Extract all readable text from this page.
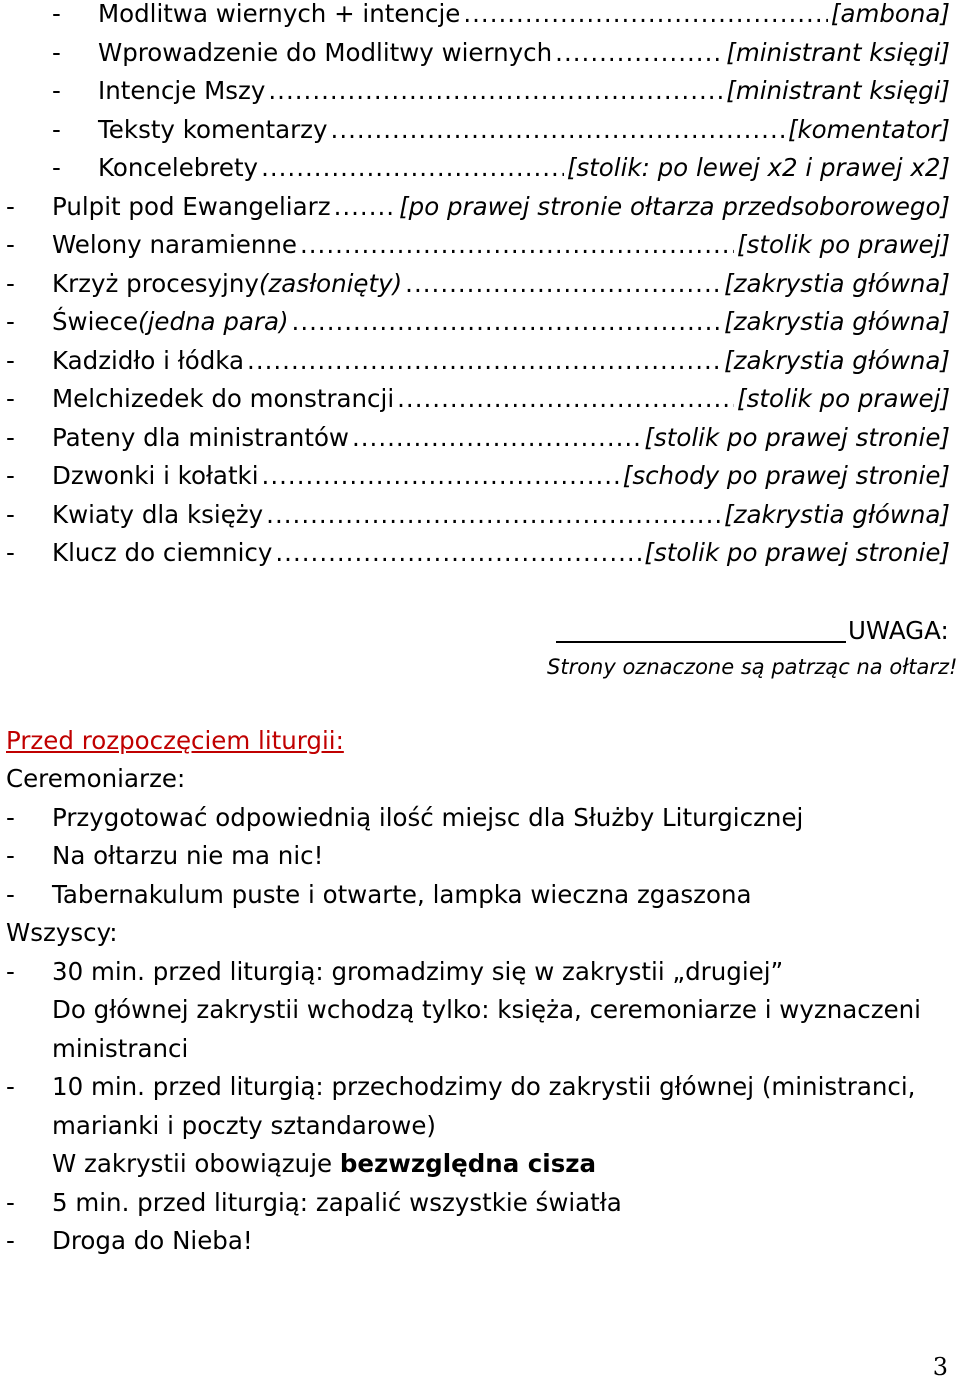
-	Modlitwa wiernych + intencje .....	[ambona]
-	Wprowadzenie do Modlitwy wiernych .....	[ministrant księgi]
-	Intencje Mszy .....	[ministrant księgi]
-	Teksty komentarzy .....	[komentator]
-	Koncelebrety .....	[stolik: po lewej x2 i prawej x2]
-	Pulpit pod Ewangeliarz .....	[po prawej stronie ołtarza przedsoborowego]
-	Welony naramienne .....	[stolik po prawej]
-	Krzyż procesyjny (zasłonięty) .....	[zakrystia główna]
-	Świece (jedna para) .....	[zakrystia główna]
-	Kadzidło i łódka .....	[zakrystia główna]
-	Melchizedek do monstrancji .....	[stolik po prawej]
-	Pateny dla ministrantów .....	[stolik po prawej stronie]
-	Dzwonki i kołatki .....	[schody po prawej stronie]
-	Kwiaty dla księży .....	[zakrystia główna]
-	Klucz do ciemnicy .....	[stolik po prawej stronie]
UWAGA:
Strony oznaczone są patrząc na ołtarz!
Przed rozpoczęciem liturgii:
Ceremoniarze:
- Przygotować odpowiednią ilość miejsc dla Służby Liturgicznej
- Na ołtarzu nie ma nic!
- Tabernakulum puste i otwarte, lampka wieczna zgaszona
Wszyscy:
- 30 min. przed liturgią: gromadzimy się w zakrystii „drugiej”
Do głównej zakrystii wchodzą tylko: księża, ceremoniarze i wyznaczeni
ministranci
- 10 min. przed liturgią: przechodzimy do zakrystii głównej (ministranci,
marianki i poczty sztandarowe)
W zakrystii obowiązuje bezwzględna cisza
- 5 min. przed liturgią: zapalić wszystkie światła
- Droga do Nieba!
3
